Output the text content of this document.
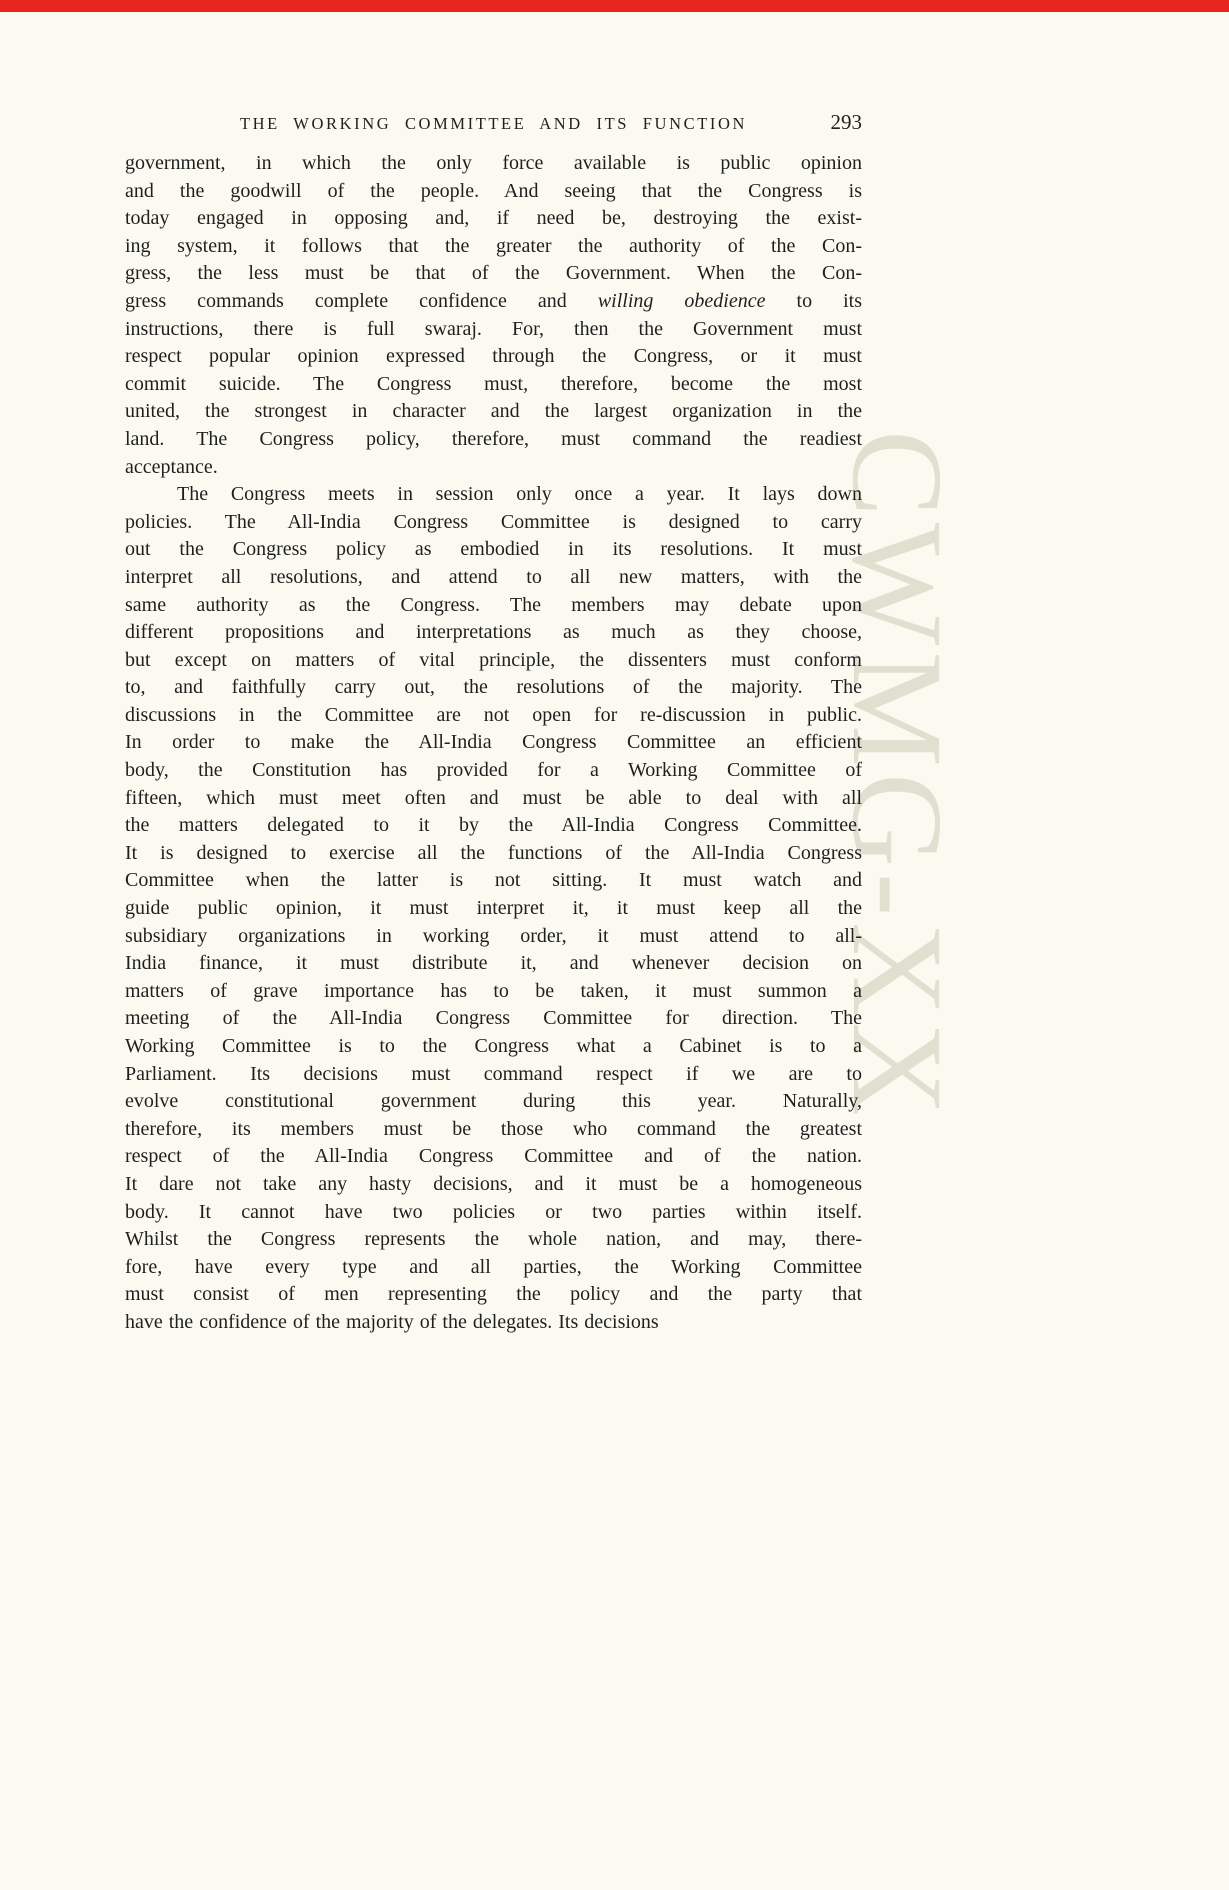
CWMG-XX
THE WORKING COMMITTEE AND ITS FUNCTION	293
government, in which the only force available is public opinion
and the goodwill of the people. And seeing that the Congress is
today engaged in opposing and, if need be, destroying the exist-
ing system, it follows that the greater the authority of the Con-
gress, the less must be that of the Government. When the Con-
gress commands complete confidence and willing obedience to its
instructions, there is full swaraj. For, then the Government must
respect popular opinion expressed through the Congress, or it must
commit suicide. The Congress must, therefore, become the most
united, the strongest in character and the largest organization in the
land. The Congress policy, therefore, must command the readiest
acceptance.
The Congress meets in session only once a year. It lays down
policies. The All-India Congress Committee is designed to carry
out the Congress policy as embodied in its resolutions. It must
interpret all resolutions, and attend to all new matters, with the
same authority as the Congress. The members may debate upon
different propositions and interpretations as much as they choose,
but except on matters of vital principle, the dissenters must conform
to, and faithfully carry out, the resolutions of the majority. The
discussions in the Committee are not open for re-discussion in public.
In order to make the All-India Congress Committee an efficient
body, the Constitution has provided for a Working Committee of
fifteen, which must meet often and must be able to deal with all
the matters delegated to it by the All-India Congress Committee.
It is designed to exercise all the functions of the All-India Congress
Committee when the latter is not sitting. It must watch and
guide public opinion, it must interpret it, it must keep all the
subsidiary organizations in working order, it must attend to all-
India finance, it must distribute it, and whenever decision on
matters of grave importance has to be taken, it must summon a
meeting of the All-India Congress Committee for direction. The
Working Committee is to the Congress what a Cabinet is to a
Parliament. Its decisions must command respect if we are to
evolve constitutional government during this year. Naturally,
therefore, its members must be those who command the greatest
respect of the All-India Congress Committee and of the nation.
It dare not take any hasty decisions, and it must be a homogeneous
body. It cannot have two policies or two parties within itself.
Whilst the Congress represents the whole nation, and may, there-
fore, have every type and all parties, the Working Committee
must consist of men representing the policy and the party that
have the confidence of the majority of the delegates. Its decisions
